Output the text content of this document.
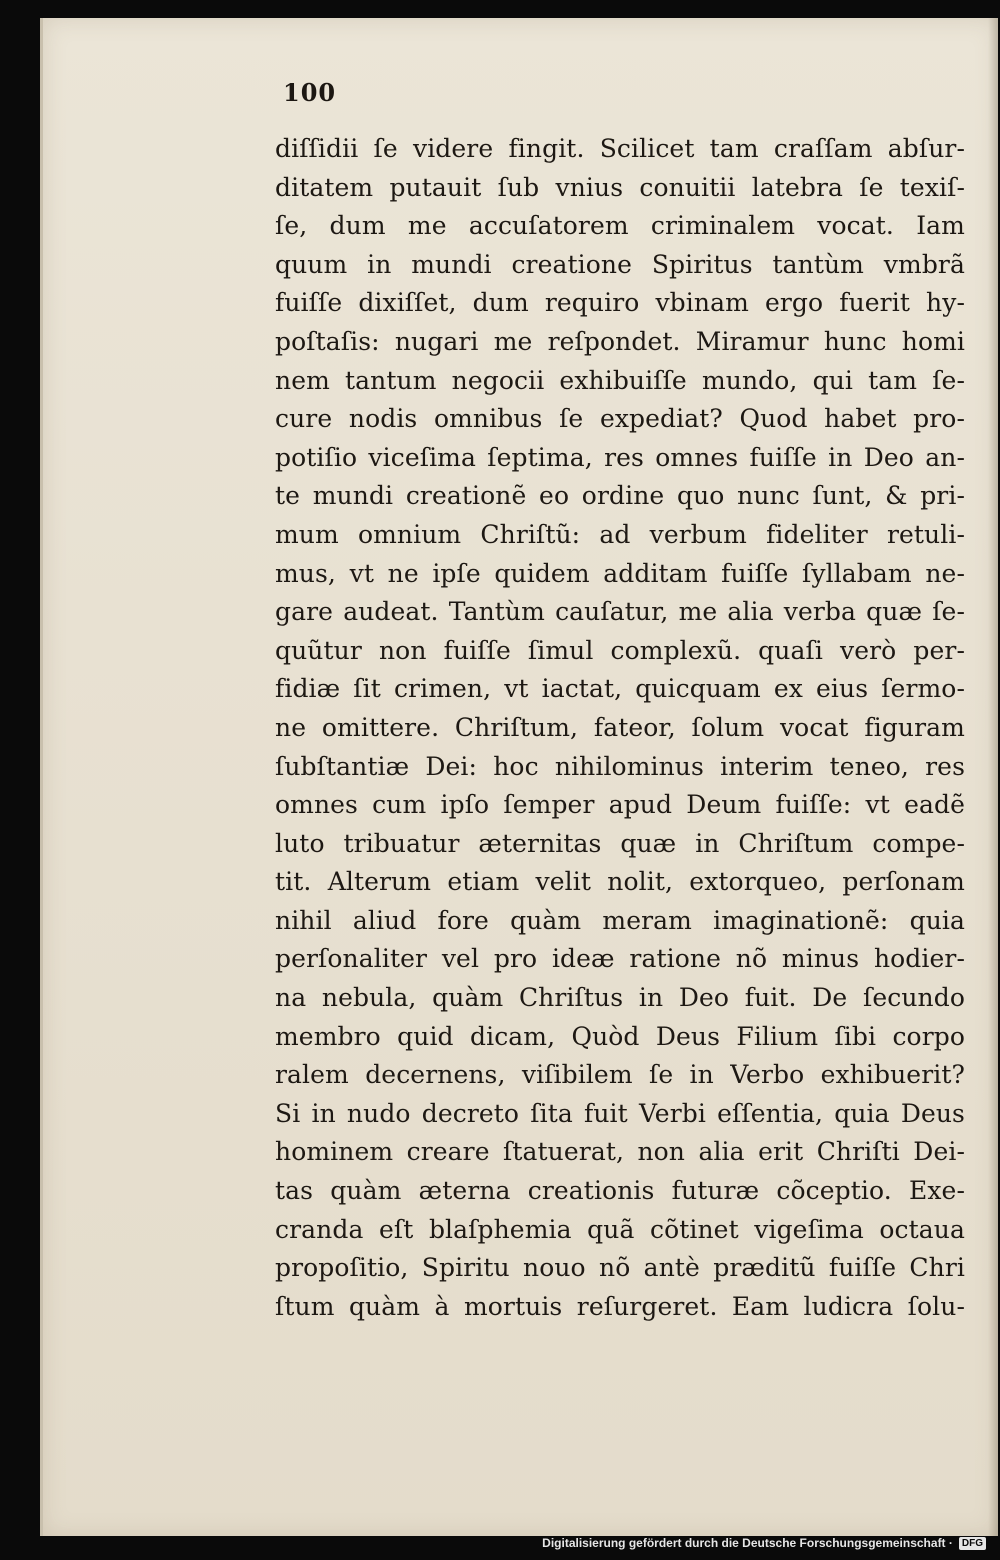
100
diſſidii ſe videre fingit. Scilicet tam craſſam abſur-
ditatem putauit ſub vnius conuitii latebra ſe texiſ-
ſe, dum me accuſatorem criminalem vocat. Iam
quum in mundi creatione Spiritus tantùm vmbrã
fuiſſe dixiſſet, dum requiro vbinam ergo fuerit hy-
poſtaſis: nugari me reſpondet. Miramur hunc homi
nem tantum negocii exhibuiſſe mundo, qui tam ſe-
cure nodis omnibus ſe expediat? Quod habet pro-
potiſio viceſima ſeptima, res omnes fuiſſe in Deo an-
te mundi creationẽ eo ordine quo nunc ſunt, & pri-
mum omnium Chriſtũ: ad verbum fideliter retuli-
mus, vt ne ipſe quidem additam fuiſſe ſyllabam ne-
gare audeat. Tantùm cauſatur, me alia verba quæ ſe-
quũtur non fuiſſe ſimul complexũ. quaſi verò per-
fidiæ ſit crimen, vt iactat, quicquam ex eius ſermo-
ne omittere. Chriſtum, fateor, ſolum vocat figuram
ſubſtantiæ Dei: hoc nihilominus interim teneo, res
omnes cum ipſo ſemper apud Deum fuiſſe: vt eadẽ
luto tribuatur æternitas quæ in Chriſtum compe-
tit. Alterum etiam velit nolit, extorqueo, perſonam
nihil aliud fore quàm meram imaginationẽ: quia
perſonaliter vel pro ideæ ratione nõ minus hodier-
na nebula, quàm Chriſtus in Deo fuit. De ſecundo
membro quid dicam, Quòd Deus Filium ſibi corpo
ralem decernens, viſibilem ſe in Verbo exhibuerit?
Si in nudo decreto ſita fuit Verbi eſſentia, quia Deus
hominem creare ſtatuerat, non alia erit Chriſti Dei-
tas quàm æterna creationis futuræ cõceptio. Exe-
cranda eſt blaſphemia quã cõtinet vigeſima octaua
propoſitio, Spiritu nouo nõ antè præditũ fuiſſe Chri
ſtum quàm à mortuis reſurgeret. Eam ludicra ſolu-
Digitalisierung gefördert durch die Deutsche Forschungsgemeinschaft · DFG
